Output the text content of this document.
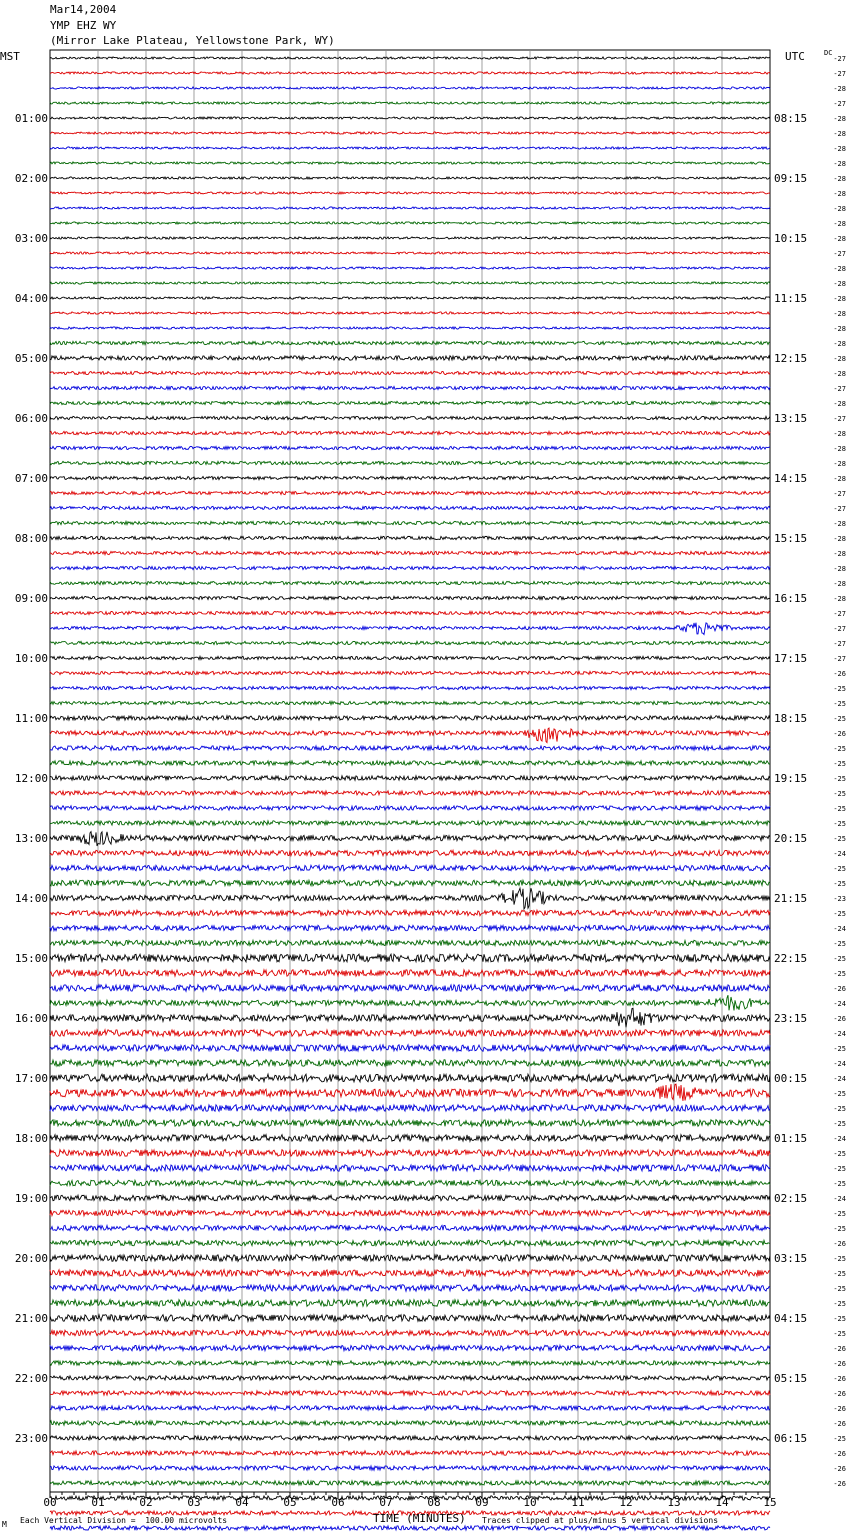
Mar14,2004
YMP EHZ WY
(Mirror Lake Plateau, Yellowstone Park, WY)
MST	UTC	DC
00	01	02	03	04	05	06	07	08	09	10	11	12	13	14	15
01:00
02:00
03:00
04:00
05:00
06:00
07:00
08:00
09:00
10:00
11:00
12:00
13:00
14:00
15:00
16:00
17:00
18:00
19:00
20:00
21:00
22:00
23:00
08:15
09:15
10:15
11:15
12:15
13:15
14:15
15:15
16:15
17:15
18:15
19:15
20:15
21:15
22:15
23:15
00:15
01:15
02:15
03:15
04:15
05:15
06:15
-27
-27
-28
-27
-28
-28
-28
-28
-28
-28
-28
-28
-28
-27
-28
-28
-28
-28
-28
-28
-28
-28
-27
-28
-27
-28
-28
-28
-28
-27
-27
-28
-28
-28
-28
-28
-28
-27
-27
-27
-27
-26
-25
-25
-25
-26
-25
-25
-25
-25
-25
-25
-25
-24
-25
-25
-23
-25
-24
-25
-25
-25
-26
-24
-26
-24
-25
-24
-24
-25
-25
-25
-24
-25
-25
-25
-24
-25
-25
-26
-25
-25
-25
-25
-25
-25
-26
-26
-26
-26
-26
-26
-25
-26
-26
-26
TIME (MINUTES)
M Each Vertical Division =  100.00 microvolts	Traces clipped at plus/minus 5 vertical divisions
